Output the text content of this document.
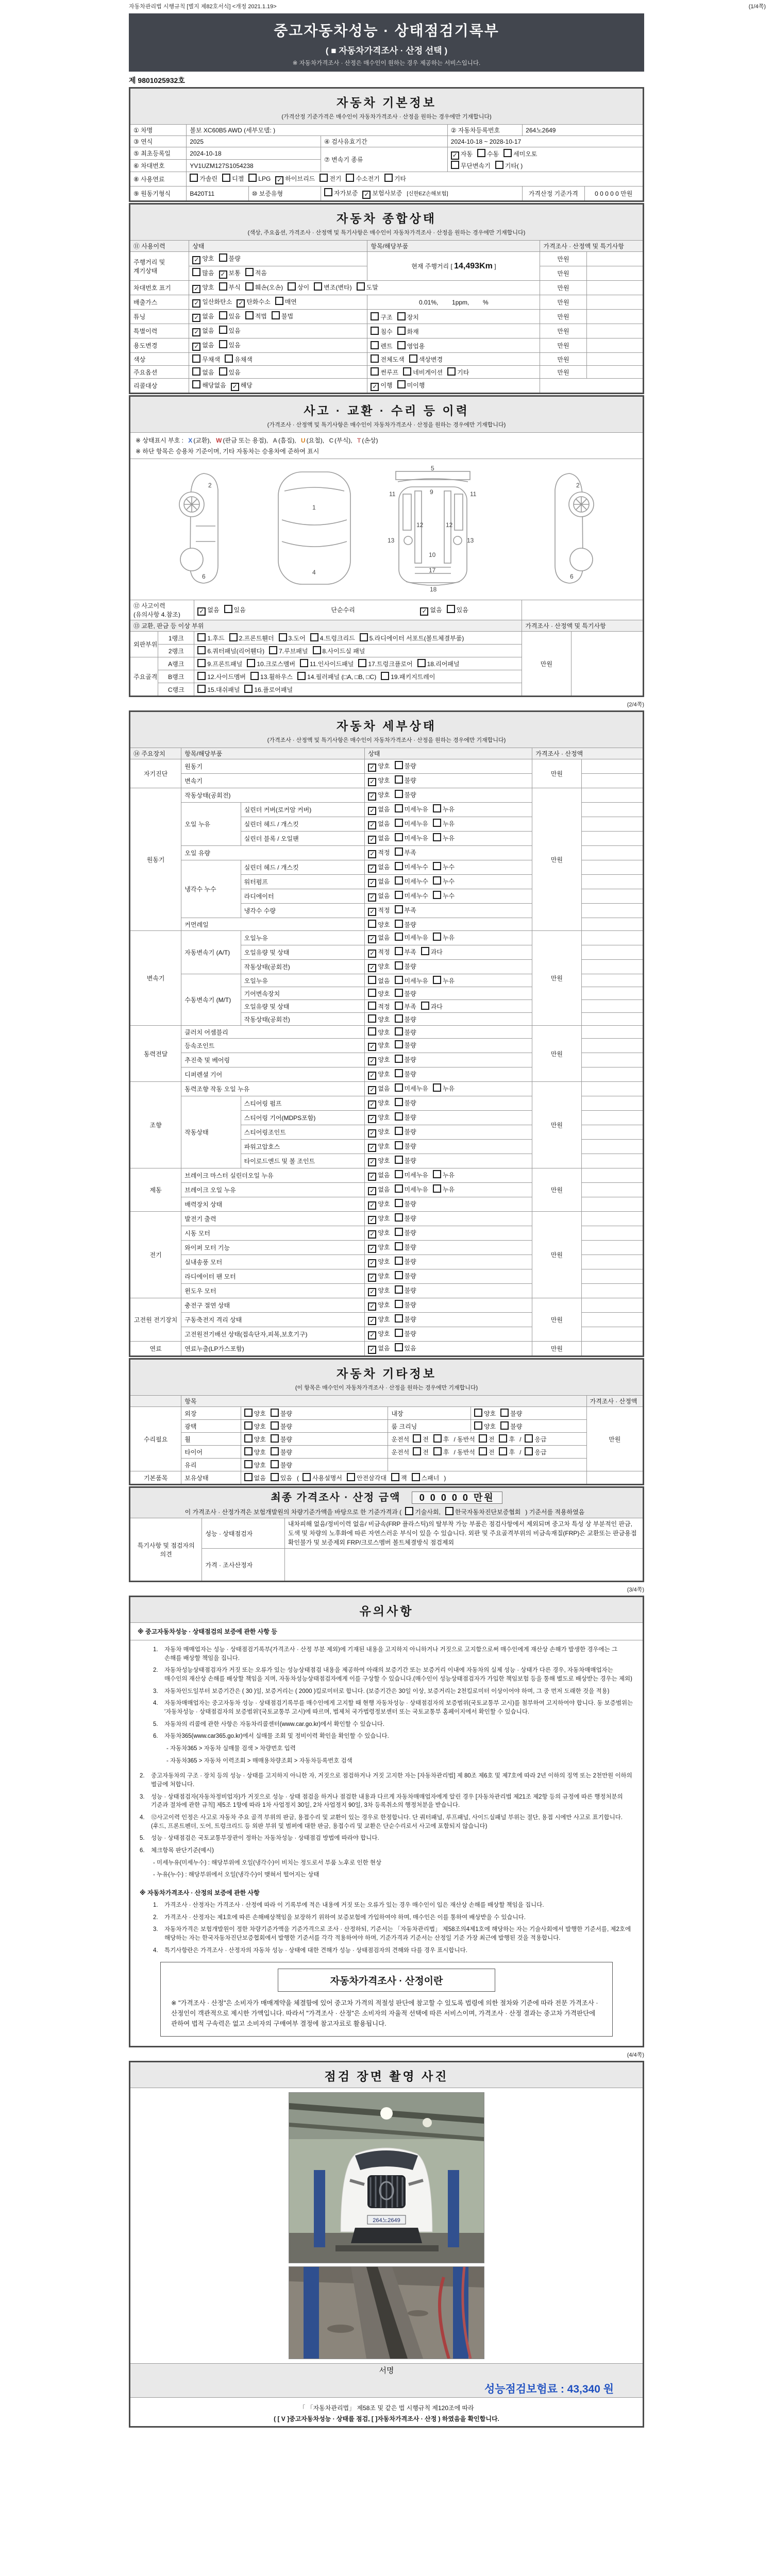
(1/4쪽)
자동차관리법 시행규칙 [별지 제82호서식] <개정 2021.1.19>
중고자동차성능 · 상태점검기록부
( ■ 자동차가격조사 · 산정 선택 )
※ 자동차가격조사 · 산정은 매수인이 원하는 경우 제공하는 서비스입니다.
제 9801025932호
자동차 기본정보
(가격산정 기준가격은 매수인이 자동차가격조사 · 산정을 원하는 경우에만 기재합니다)						

① 차명	볼보 XC60B5 AWD (세부모델: )			② 자동차등록번호	264노2649	
③ 연식	2025		④ 검사유효기간	2024-10-18 ~ 2028-10-17		
⑤ 최초등록일	2024-10-18		⑦ 변속기 종류	✓ 자동 수동 세미오토
무단변속기 기타( )		

⑥ 차대번호	YV1UZM127S1054238					
⑧ 사용연료	가솔린 디젤 LPG ✓ 하이브리드 전기 수소전기 기타					
⑨ 원동기형식	B420T11	⑩ 보증유형	자가보증 ✓ 보험사보증 [신한EZ손해보험]		가격산정 기준가격	0 0 0 0 0 만원
자동차 종합상태
(색상, 주요옵션, 가격조사 · 산정액 및 특기사항은 매수인이 자동차가격조사 · 산정을 원하는 경우에만 기재합니다)				

⑪ 사용이력	상태	항목/해당부품	가격조사 · 산정액 및 특기사항	
주행거리 및 계기상태	✓ 양호 불량	현재 주행거리 [ 14,493Km ]	만원	
	많음 ✓ 보통 적음		만원	
차대번호 표기	✓ 양호 부식 훼손(오손) 상이 변조(변타) 도말		만원	
배출가스	✓ 일산화탄소 ✓ 탄화수소 매연	0.01%,        1ppm,        %	만원	
튜닝	✓ 없음 있음 적법 불법	구조 장치	만원	
특별이력	✓ 없음 있음	침수 화재	만원	
용도변경	✓ 없음 있음	렌트 영업용	만원	
색상	무채색 유채색	전체도색 색상변경	만원	
주요옵션	없음 있음	썬루프 네비게이션 기타	만원	
리콜대상	해당없음 ✓ 해당	✓ 이행 미이행		
사고 · 교환 · 수리 등 이력
(가격조사 · 산정액 및 특기사항은 매수인이 자동차가격조사 · 산정을 원하는 경우에만 기재합니다)				

※ 상태표시 부호 : X (교환), W (판금 또는 용접), A (흠집), U (요철), C (부식), T (손상)
※ 하단 항목은 승용차 기준이며, 기타 자동차는 승용차에 준하여 표시				

2
6
1
4
5
9
11	11
12	12
13	13
10
17
18
2
6

⑫ 사고이력 (유의사항 4.참조)		✓ 없음 있음 단순수리 ✓ 없음 있음		
⑬ 교환, 판금 등 이상 부위			가격조사 · 산정액 및 특기사항	
외판부위	1랭크	1.후드 2.프론트휀더 3.도어 4.트렁크리드 5.라디에이터 서포트(볼트체결부품)	만원	
	2랭크	6.쿼터패널(리어휀다) 7.루브패널 8.사이드실 패널		
주요골격	A랭크	9.프론트패널 10.크로스멤버 11.인사이드패널 17.트렁크플로어 18.리어패널		
	B랭크	12.사이드멤버 13.휠하우스 14.필러패널 (□A, □B, □C) 19.패키지트레이		
	C랭크	15.대쉬패널 16.플로어패널		
(2/4쪽)
자동차 세부상태
(가격조사 · 산정액 및 특기사항은 매수인이 자동차가격조사 · 산정을 원하는 경우에만 기재합니다)					

⑭ 주요장치	항목/해당부품		상태	가격조사 · 산정액	
자기진단	원동기		✓ 양호 불량	만원	
	변속기		✓ 양호 불량		
원동기	작동상태(공회전)		✓ 양호 불량	만원	
	오일 누유	실린더 커버(로커암 커버)	✓ 없음 미세누유 누유		
		실린더 헤드 / 개스킷	✓ 없음 미세누유 누유		
		실린더 블록 / 오일팬	✓ 없음 미세누유 누유		
	오일 유량		✓ 적정 부족		
	냉각수 누수	실린더 헤드 / 개스킷	✓ 없음 미세누수 누수		
		워터펌프	✓ 없음 미세누수 누수		
		라디에이터	✓ 없음 미세누수 누수		
		냉각수 수량	✓ 적정 부족		
	커먼레일		양호 불량		
변속기	자동변속기 (A/T)	오일누유	✓ 없음 미세누유 누유	만원	
		오일유량 및 상태	✓ 적정 부족 과다		
		작동상태(공회전)	✓ 양호 불량		
	수동변속기 (M/T)	오일누유	없음 미세누유 누유		
		기어변속장치	양호 불량		
		오일유량 및 상태	적정 부족 과다		
		작동상태(공회전)	양호 불량		
동력전달	클러치 어셈블리		양호 불량	만원	
	등속조인트		✓ 양호 불량		
	추진축 및 베어링		✓ 양호 불량		
	디퍼렌셜 기어		✓ 양호 불량		
조향	동력조향 작동 오일 누유		✓ 없음 미세누유 누유	만원	
	작동상태	스티어링 펌프	✓ 양호 불량		
		스티어링 기어(MDPS포함)	✓ 양호 불량		
		스티어링조인트	✓ 양호 불량		
		파워고압호스	✓ 양호 불량		
		타이로드엔드 및 볼 조인트	✓ 양호 불량		
제동	브레이크 마스터 실린더오일 누유		✓ 없음 미세누유 누유	만원	
	브레이크 오일 누유		✓ 없음 미세누유 누유		
	배력장치 상태		✓ 양호 불량		
전기	발전기 출력		✓ 양호 불량	만원	
	시동 모터		✓ 양호 불량		
	와이퍼 모터 기능		✓ 양호 불량		
	실내송풍 모터		✓ 양호 불량		
	라디에이터 팬 모터		✓ 양호 불량		
	윈도우 모터		✓ 양호 불량		
고전원 전기장치	충전구 절연 상태		✓ 양호 불량	만원	
	구동축전지 격리 상태		✓ 양호 불량		
	고전원전기배선 상태(접속단자,피복,보호기구)		✓ 양호 불량		
연료	연료누출(LP가스포함)		✓ 없음 있음	만원	
자동차 기타정보
(이 항목은 매수인이 자동차가격조사 · 산정을 원하는 경우에만 기재합니다)					

	항목				가격조사 · 산정액
수리필요	외장	양호 불량	내장	양호 불량	만원
	광택	양호 불량	룸 크리닝	양호 불량	
	휠	양호 불량	운전석 전 후 / 동반석 전 후 / 응급		
	타이어	양호 불량	운전석 전 후 / 동반석 전 후 / 응급		
	유리	양호 불량			
기본품목	보유상태	없음 있음 ( 사용설명서 안전삼각대 잭 스패너 )			
최종 가격조사 · 산정 금액 0 0 0 0 0 만원
이 가격조사 · 산정가격은 보험개발원의 차량기준가액을 바탕으로 한 기준가격과 ( 기술사회, 한국자동차진단보증협회 ) 기준서를 적용하였음		

특기사항 및 점검자의 의견	성능 · 상태점검자	내차피해 없음/정비이력 없음/ 비금속(FRP 플라스틱)의 탈부착 가능 부품은 점검사항에서 제외되며 중고차 특성 상 부분적인 판금,도색 및 차량의 노후화에 따른 자연스러운 부식이 있을 수 있습니다. 외판 및 주요골격부위의 비금속재질(FRP)은 교환또는 판금용접 확인불가 및 보증제외 FRP/크로스멤버 볼트체결방식 점검제외
	가격 · 조사산정자	
(3/4쪽)
유의사항

※ 중고자동차성능 · 상태점검의 보증에 관한 사항 등

1.	자동차 매매업자는 성능 · 상태점검기록부(가격조사 · 산정 부분 제외)에 기재된 내용을 고지하지 아니하거나 거짓으로 고지함으로써 매수인에게 재산상 손해가 발생한 경우에는 그 손해를 배상할 책임을 집니다.
2.	자동차성능상태점검자가 거짓 또는 오류가 있는 성능상태점검 내용을 제공하여 아래의 보증기간 또는 보증거리 이내에 자동차의 실제 성능 · 상태가 다른 경우, 자동차매매업자는 매수인의 재산상 손해를 배상할 책임을 지며, 자동차성능상태점검자에게 이를 구상할 수 있습니다.(매수인이 성능상태점검자가 가입한 책임보험 등을 통해 별도로 배상받는 경우는 제외)
3.	자동차인도일부터 보증기간은 ( 30 )일, 보증거리는 ( 2000 )킬로미터로 합니다. (보증기간은 30일 이상, 보증거리는 2천킬로미터 이상이어야 하며, 그 중 먼저 도래한 것을 적용)
4.	자동차매매업자는 중고자동차 성능 · 상태점검기록부를 매수인에게 고지할 때 현행 자동차성능 · 상태점검자의 보증범위(국토교통부 고시)를 첨부하여 고지하여야 합니다. 동 보증범위는 '자동차성능 · 상태점검자의 보증범위'(국토교통부 고시)에 따르며, 법제처 국가법령정보센터 또는 국토교통부 홈페이지에서 확인할 수 있습니다.
5.	자동차의 리콜에 관한 사항은 자동차리콜센터(www.car.go.kr)에서 확인할 수 있습니다.
6.	자동차365(www.car365.go.kr)에서 실매물 조회 및 정비이력 확인을 확인할 수 있습니다.
- 자동차365 > 자동차 실매물 검색 > 차량번호 입력
- 자동차365 > 자동차 이력조회 > 매매용차량조회 > 자동차등록번호 검색
2.	중고자동차의 구조 · 장치 등의 성능 · 상태를 고지하지 아니한 자, 거짓으로 점검하거나 거짓 고지한 자는 [자동차관리법] 제 80조 제6호 및 제7호에 따라 2년 이하의 징역 또는 2천만원 이하의 벌금에 처합니다.
3.	성능 · 상태점검자(자동차정비업자)가 거짓으로 성능 · 상태 점검을 하거나 점검한 내용과 다르게 자동차매매업자에게 알린 경우 [자동차관리법 제21조 제2항 등의 규정에 따른 행정처분의 기준과 절차에 관한 규칙] 제5조 1항에 따라 1차 사업정지 30일, 2차 사업정지 90일, 3차 등록취소의 행정처분을 받습니다.
4.	⑫사고이력 인정은 사고로 자동차 주요 골격 부위의 판금, 용접수리 및 교환이 있는 경우로 한정합니다. 단 쿼터패널, 루프패널, 사이드실패널 부위는 절단, 용접 시에만 사고로 표기합니다. (후드, 프론트펜더, 도어, 트렁크리드 등 외판 부위 및 범퍼에 대한 판금, 용접수리 및 교환은 단순수리로서 사고에 포함되지 않습니다)
5.	성능 · 상태점검은 국토교통부장관이 정하는 자동차성능 · 상태점검 방법에 따라야 합니다.
6.	체크항목 판단기준(예시)
- 미세누유(미세누수) : 해당부위에 오일(냉각수)이 비치는 정도로서 부품 노후로 인한 현상
- 누유(누수) : 해당부위에서 오일(냉각수)이 맺혀서 떨어지는 상태
※ 자동차가격조사 · 산정의 보증에 관한 사항
1.	가격조사 · 산정자는 가격조사 · 산정에 따라 이 기록부에 적은 내용에 거짓 또는 오류가 있는 경우 매수인이 입은 재산상 손해를 배상할 책임을 집니다.
2.	가격조사 · 산정자는 제1호에 따른 손해배상책임을 보장하기 위하여 보증보험에 가입하여야 하며, 매수인은 이를 통하여 배상받을 수 있습니다.
3.	자동차가격은 보험개발원이 정한 차량기준가액을 기준가격으로 조사 · 산정하되, 기준서는 「자동차관리법」 제58조의4제1호에 해당하는 자는 기술사회에서 발행한 기준서를, 제2호에 해당하는 자는 한국자동차진단보증협회에서 발행한 기준서를 각각 적용하여야 하며, 기준가격과 기준서는 산정일 기준 가장 최근에 발행된 것을 적용합니다.
4.	특기사항란은 가격조사 · 산정자의 자동차 성능 · 상태에 대한 견해가 성능 · 상태점검자의 견해와 다를 경우 표시합니다.
자동차가격조사 · 산정이란
※ "가격조사 · 산정"은 소비자가 매매계약을 체결함에 있어 중고차 가격의 적절성 판단에 참고할 수 있도록 법령에 의한 절차와 기준에 따라 전문 가격조사 · 산정인이 객관적으로 제시한 가액입니다. 따라서 "가격조사 · 산정"은 소비자의 자율적 선택에 따른 서비스이며, 가격조사 · 산정 결과는 중고차 가격판단에 관하여 법적 구속력은 없고 소비자의 구매여부 결정에 참고자료로 활용됩니다.
(4/4쪽)
점검 장면 촬영 사진

264노2649

서명
성능점검보험료 : 43,340 원

「 「자동차관리법」 제58조 및 같은 법 시행규칙 제120조에 따라
( [ V ]중고자동차성능 · 상태를 점검, [ ]자동차가격조사 · 산정 ) 하였음을 확인합니다.
